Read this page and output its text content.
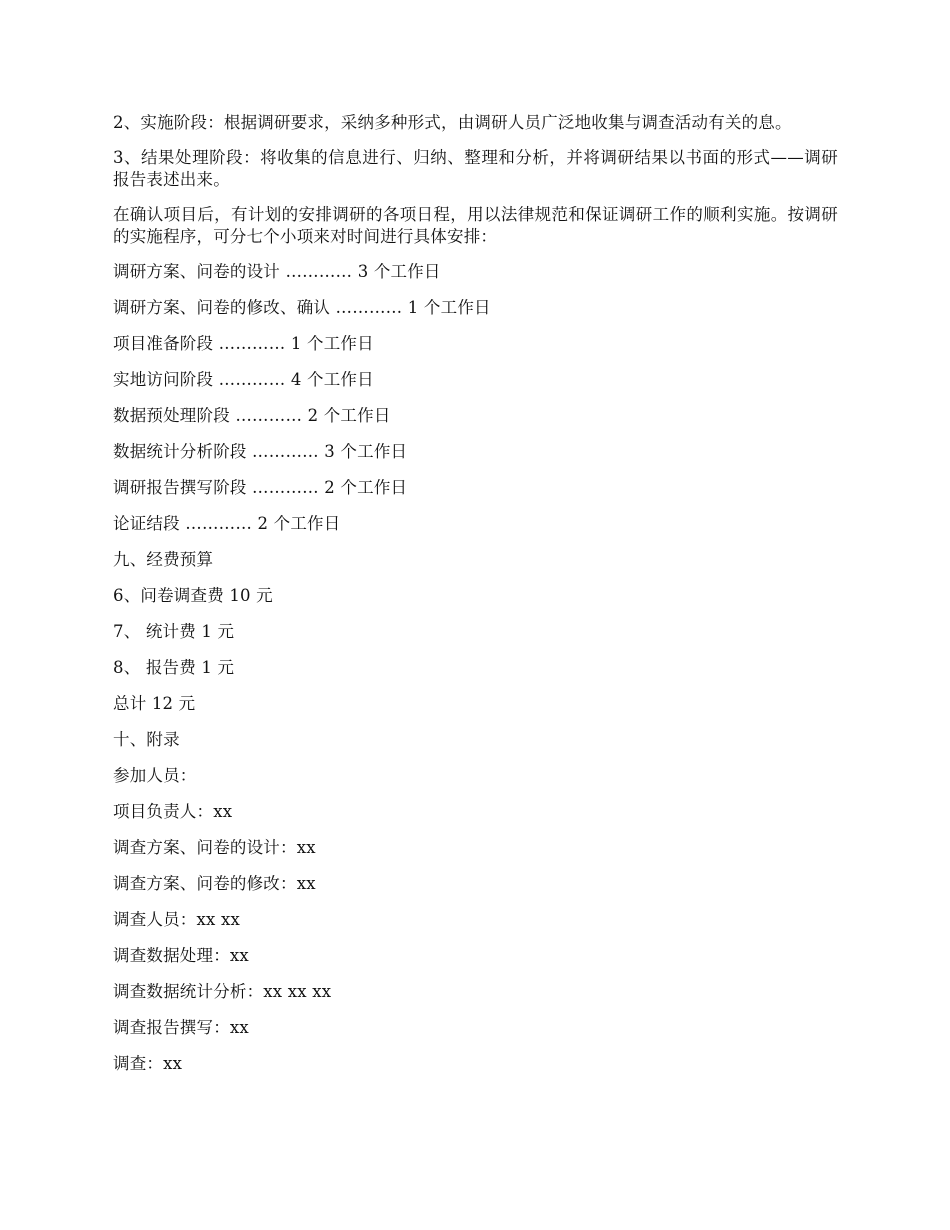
2、实施阶段：根据调研要求，采纳多种形式，由调研人员广泛地收集与调查活动有关的息。

3、结果处理阶段：将收集的信息进行、归纳、整理和分析，并将调研结果以书面的形式——调研报告表述出来。

在确认项目后，有计划的安排调研的各项日程，用以法律规范和保证调研工作的顺利实施。按调研的实施程序，可分七个小项来对时间进行具体安排：

调研方案、问卷的设计 ………… 3 个工作日

调研方案、问卷的修改、确认 ………… 1 个工作日

项目准备阶段 ………… 1 个工作日

实地访问阶段 ………… 4 个工作日

数据预处理阶段 ………… 2 个工作日

数据统计分析阶段 ………… 3 个工作日

调研报告撰写阶段 ………… 2 个工作日

论证结段 ………… 2 个工作日

九、经费预算

6、问卷调查费 10 元

7、 统计费 1 元

8、 报告费 1 元

总计 12 元

十、附录

参加人员：

项目负责人：xx

调查方案、问卷的设计：xx

调查方案、问卷的修改：xx

调查人员：xx xx

调查数据处理：xx

调查数据统计分析：xx xx xx

调查报告撰写：xx

调查：xx
